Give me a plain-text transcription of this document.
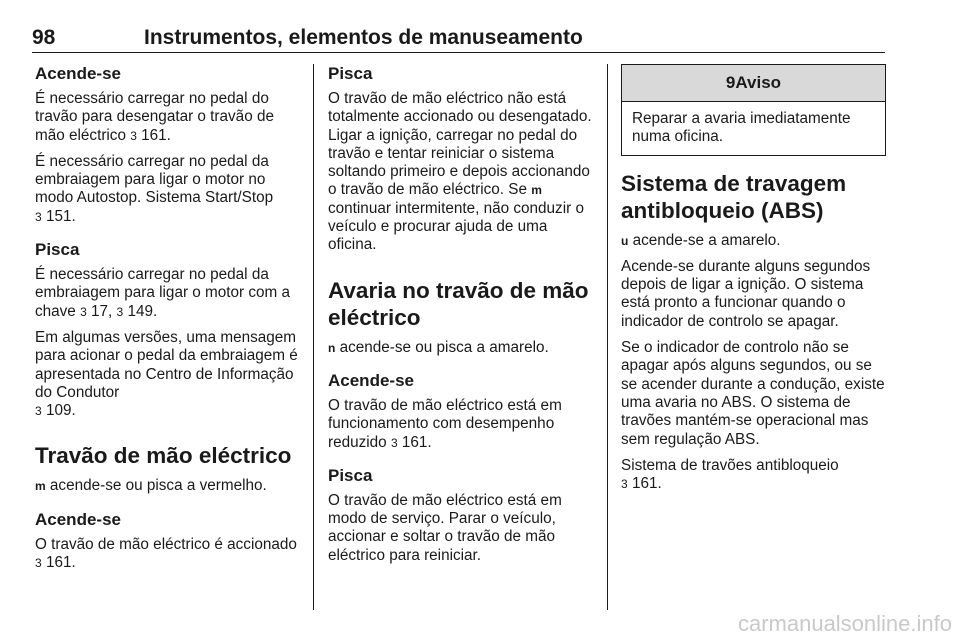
98	Instrumentos, elementos de manuseamento
Acende-se

É necessário carregar no pedal do travão para desengatar o travão de mão eléctrico 3 161.

É necessário carregar no pedal da embraiagem para ligar o motor no modo Autostop. Sistema Start/Stop
3 151.

Pisca

É necessário carregar no pedal da embraiagem para ligar o motor com a chave 3 17, 3 149.

Em algumas versões, uma mensagem para acionar o pedal da embraiagem é apresentada no Centro de Informação do Condutor
3 109.

Travão de mão eléctrico

m acende-se ou pisca a vermelho.

Acende-se

O travão de mão eléctrico é accionado 3 161.

Pisca

O travão de mão eléctrico não está totalmente accionado ou desengatado. Ligar a ignição, carregar no pedal do travão e tentar reiniciar o sistema soltando primeiro e depois accionando o travão de mão eléctrico. Se m continuar intermitente, não conduzir o veículo e procurar ajuda de uma oficina.

Avaria no travão de mão eléctrico

n acende-se ou pisca a amarelo.

Acende-se

O travão de mão eléctrico está em funcionamento com desempenho reduzido 3 161.

Pisca

O travão de mão eléctrico está em modo de serviço. Parar o veículo, accionar e soltar o travão de mão eléctrico para reiniciar.

9Aviso
Reparar a avaria imediatamente numa oficina.
Sistema de travagem antibloqueio (ABS)

u acende-se a amarelo.

Acende-se durante alguns segundos depois de ligar a ignição. O sistema está pronto a funcionar quando o indicador de controlo se apagar.

Se o indicador de controlo não se apagar após alguns segundos, ou se se acender durante a condução, existe uma avaria no ABS. O sistema de travões mantém-se operacional mas sem regulação ABS.

Sistema de travões antibloqueio
3 161.

carmanualsonline.info
